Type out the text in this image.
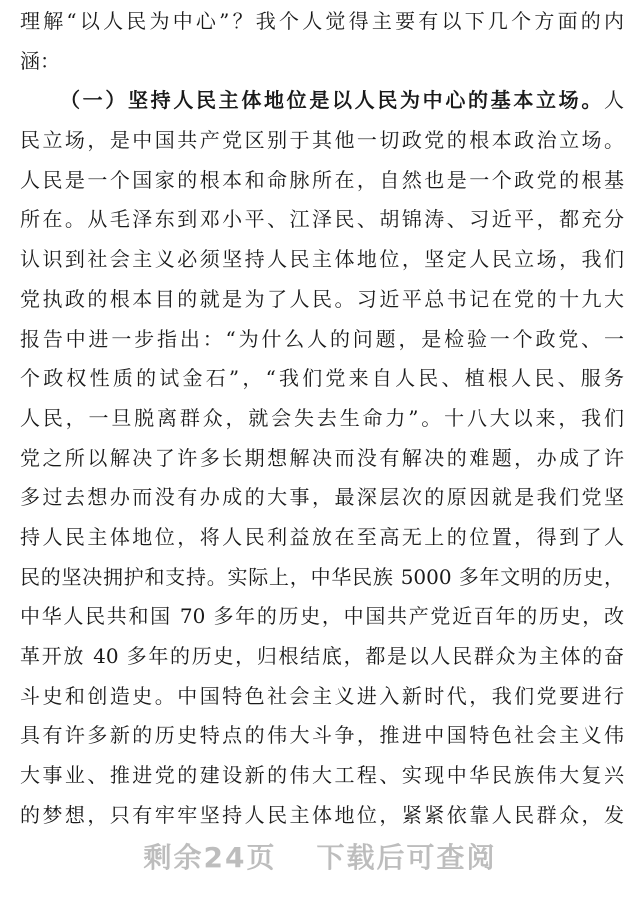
理解“以人民为中心”？我个人觉得主要有以下几个方面的内
涵：
（一）坚持人民主体地位是以人民为中心的基本立场。人
民立场，是中国共产党区别于其他一切政党的根本政治立场。
人民是一个国家的根本和命脉所在，自然也是一个政党的根基
所在。从毛泽东到邓小平、江泽民、胡锦涛、习近平，都充分
认识到社会主义必须坚持人民主体地位，坚定人民立场，我们
党执政的根本目的就是为了人民。习近平总书记在党的十九大
报告中进一步指出：“为什么人的问题，是检验一个政党、一
个政权性质的试金石”，“我们党来自人民、植根人民、服务
人民，一旦脱离群众，就会失去生命力”。十八大以来，我们
党之所以解决了许多长期想解决而没有解决的难题，办成了许
多过去想办而没有办成的大事，最深层次的原因就是我们党坚
持人民主体地位，将人民利益放在至高无上的位置，得到了人
民的坚决拥护和支持。实际上，中华民族 5000 多年文明的历史，
中华人民共和国 70 多年的历史，中国共产党近百年的历史，改
革开放 40 多年的历史，归根结底，都是以人民群众为主体的奋
斗史和创造史。中国特色社会主义进入新时代，我们党要进行
具有许多新的历史特点的伟大斗争，推进中国特色社会主义伟
大事业、推进党的建设新的伟大工程、实现中华民族伟大复兴
的梦想，只有牢牢坚持人民主体地位，紧紧依靠人民群众，发
剩余24页 下载后可查阅
